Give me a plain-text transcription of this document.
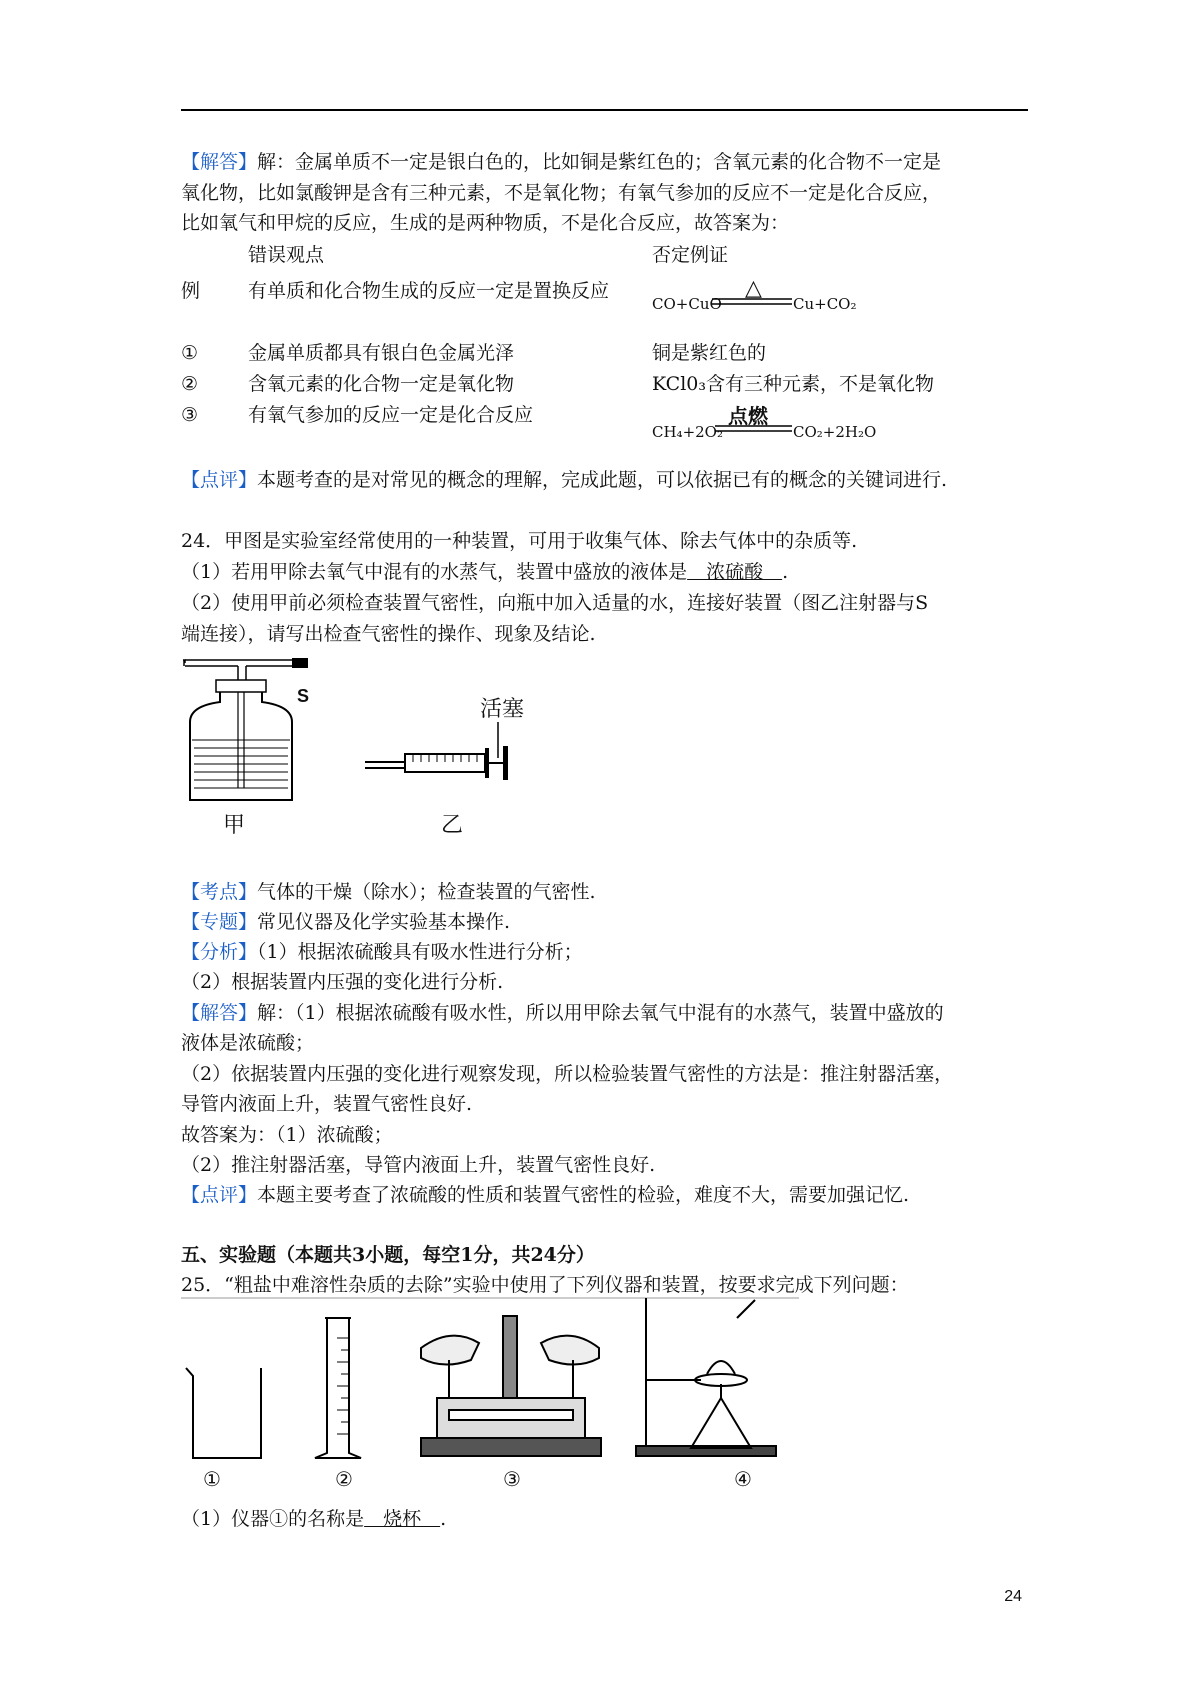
【解答】解：金属单质不一定是银白色的，比如铜是紫红色的；含氧元素的化合物不一定是
氧化物，比如氯酸钾是含有三种元素，不是氧化物；有氧气参加的反应不一定是化合反应，
比如氧气和甲烷的反应，生成的是两种物质，不是化合反应，故答案为：
错误观点	否定例证
例	有单质和化合物生成的反应一定是置换反应
CO+CuO
△
Cu+CO₂
①	金属单质都具有银白色金属光泽	铜是紫红色的
②	含氧元素的化合物一定是氧化物	KCl0₃含有三种元素，不是氧化物
③	有氧气参加的反应一定是化合反应
CH₄+2O₂
点燃
CO₂+2H₂O
【点评】本题考查的是对常见的概念的理解，完成此题，可以依据已有的概念的关键词进行.
24．甲图是实验室经常使用的一种装置，可用于收集气体、除去气体中的杂质等.
（1）若用甲除去氧气中混有的水蒸气，装置中盛放的液体是　浓硫酸　.
（2）使用甲前必须检查装置气密性，向瓶中加入适量的水，连接好装置（图乙注射器与S
端连接），请写出检查气密性的操作、现象及结论.
S
甲
活塞
乙
【考点】气体的干燥（除水）；检查装置的气密性.
【专题】常见仪器及化学实验基本操作.
【分析】（1）根据浓硫酸具有吸水性进行分析；
（2）根据装置内压强的变化进行分析.
【解答】解：（1）根据浓硫酸有吸水性，所以用甲除去氧气中混有的水蒸气，装置中盛放的
液体是浓硫酸；
（2）依据装置内压强的变化进行观察发现，所以检验装置气密性的方法是：推注射器活塞，
导管内液面上升，装置气密性良好.
故答案为：（1）浓硫酸；
（2）推注射器活塞，导管内液面上升，装置气密性良好.
【点评】本题主要考查了浓硫酸的性质和装置气密性的检验，难度不大，需要加强记忆.
五、实验题（本题共3小题，每空1分，共24分）
25．“粗盐中难溶性杂质的去除”实验中使用了下列仪器和装置，按要求完成下列问题：
①	②	③	④
（1）仪器①的名称是　烧杯　.
24
